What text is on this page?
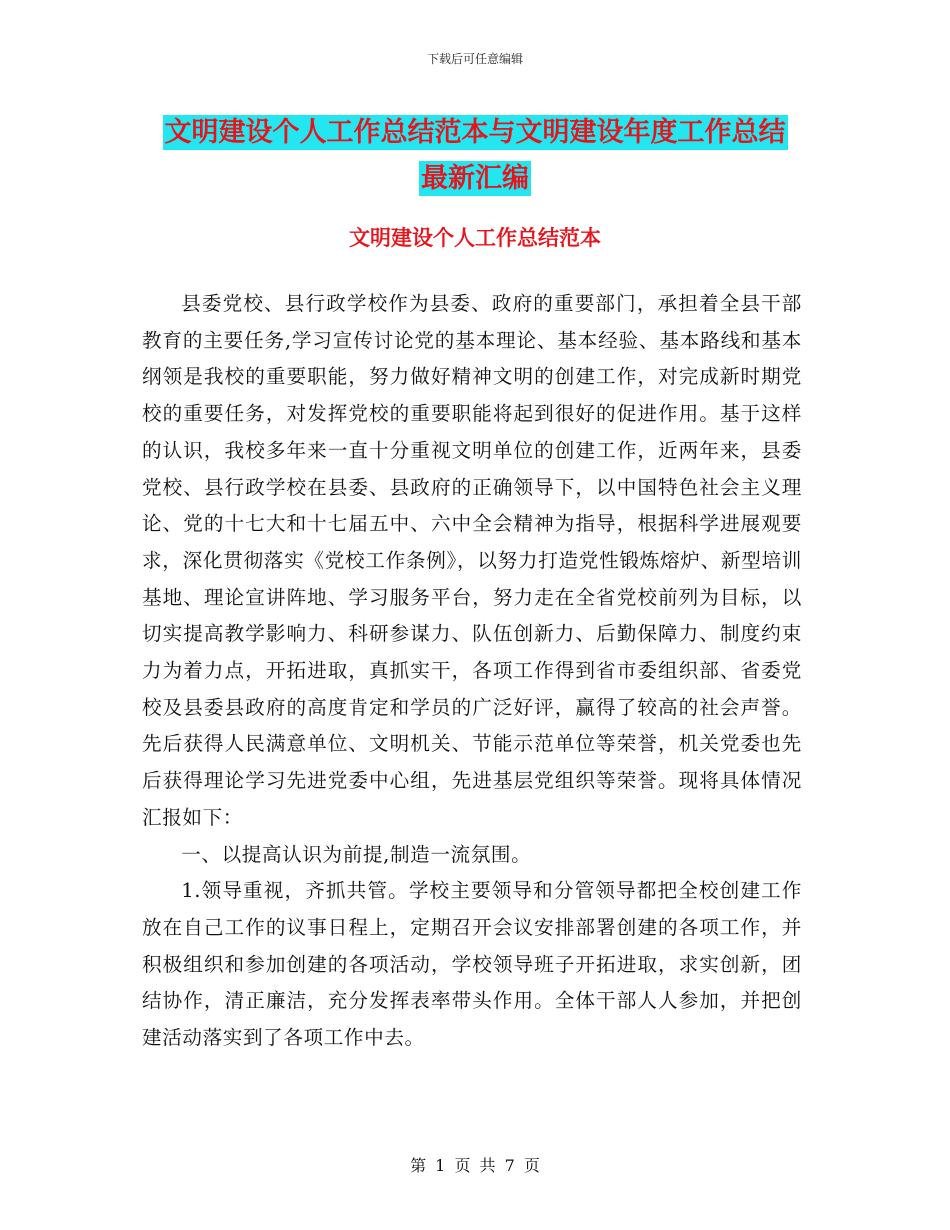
下载后可任意编辑
文明建设个人工作总结范本与文明建设年度工作总结
最新汇编
文明建设个人工作总结范本

县委党校、县行政学校作为县委、政府的重要部门，承担着全县干部教育的主要任务,学习宣传讨论党的基本理论、基本经验、基本路线和基本纲领是我校的重要职能，努力做好精神文明的创建工作，对完成新时期党校的重要任务，对发挥党校的重要职能将起到很好的促进作用。基于这样的认识，我校多年来一直十分重视文明单位的创建工作，近两年来，县委党校、县行政学校在县委、县政府的正确领导下，以中国特色社会主义理论、党的十七大和十七届五中、六中全会精神为指导，根据科学进展观要求，深化贯彻落实《党校工作条例》，以努力打造党性锻炼熔炉、新型培训基地、理论宣讲阵地、学习服务平台，努力走在全省党校前列为目标，以切实提高教学影响力、科研参谋力、队伍创新力、后勤保障力、制度约束力为着力点，开拓进取，真抓实干，各项工作得到省市委组织部、省委党校及县委县政府的高度肯定和学员的广泛好评，赢得了较高的社会声誉。先后获得人民满意单位、文明机关、节能示范单位等荣誉，机关党委也先后获得理论学习先进党委中心组，先进基层党组织等荣誉。现将具体情况汇报如下：

一、以提高认识为前提,制造一流氛围。

1.领导重视，齐抓共管。学校主要领导和分管领导都把全校创建工作放在自己工作的议事日程上，定期召开会议安排部署创建的各项工作，并积极组织和参加创建的各项活动，学校领导班子开拓进取，求实创新，团结协作，清正廉洁，充分发挥表率带头作用。全体干部人人参加，并把创建活动落实到了各项工作中去。

第 1 页 共 7 页
